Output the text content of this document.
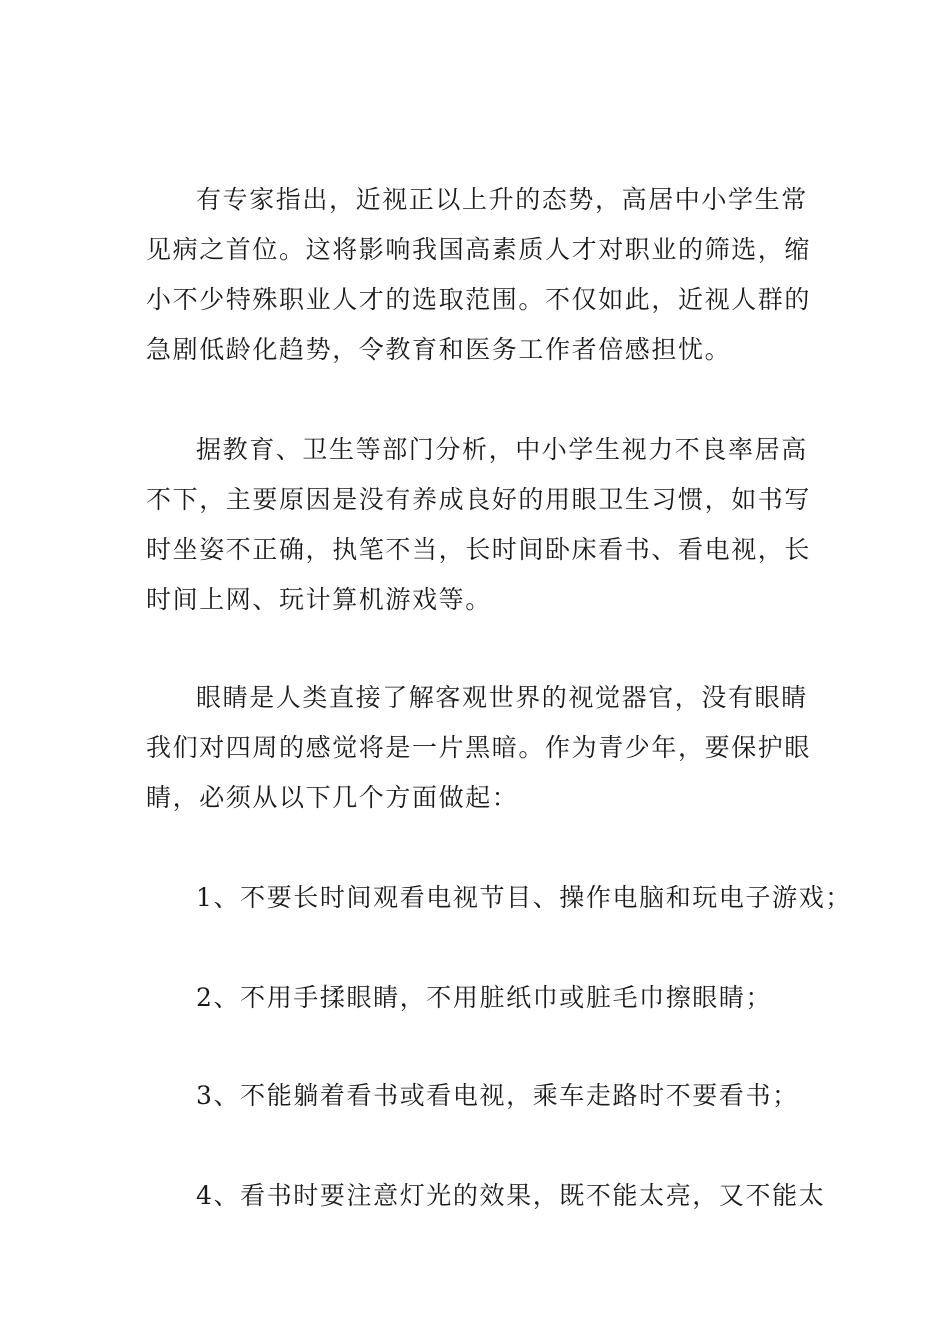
有专家指出，近视正以上升的态势，高居中小学生常
见病之首位。这将影响我国高素质人才对职业的筛选，缩
小不少特殊职业人才的选取范围。不仅如此，近视人群的
急剧低龄化趋势，令教育和医务工作者倍感担忧。
据教育、卫生等部门分析，中小学生视力不良率居高
不下，主要原因是没有养成良好的用眼卫生习惯，如书写
时坐姿不正确，执笔不当，长时间卧床看书、看电视，长
时间上网、玩计算机游戏等。
眼睛是人类直接了解客观世界的视觉器官，没有眼睛
我们对四周的感觉将是一片黑暗。作为青少年，要保护眼
睛，必须从以下几个方面做起：
1、不要长时间观看电视节目、操作电脑和玩电子游戏；
2、不用手揉眼睛，不用脏纸巾或脏毛巾擦眼睛；
3、不能躺着看书或看电视，乘车走路时不要看书；
4、看书时要注意灯光的效果，既不能太亮，又不能太
